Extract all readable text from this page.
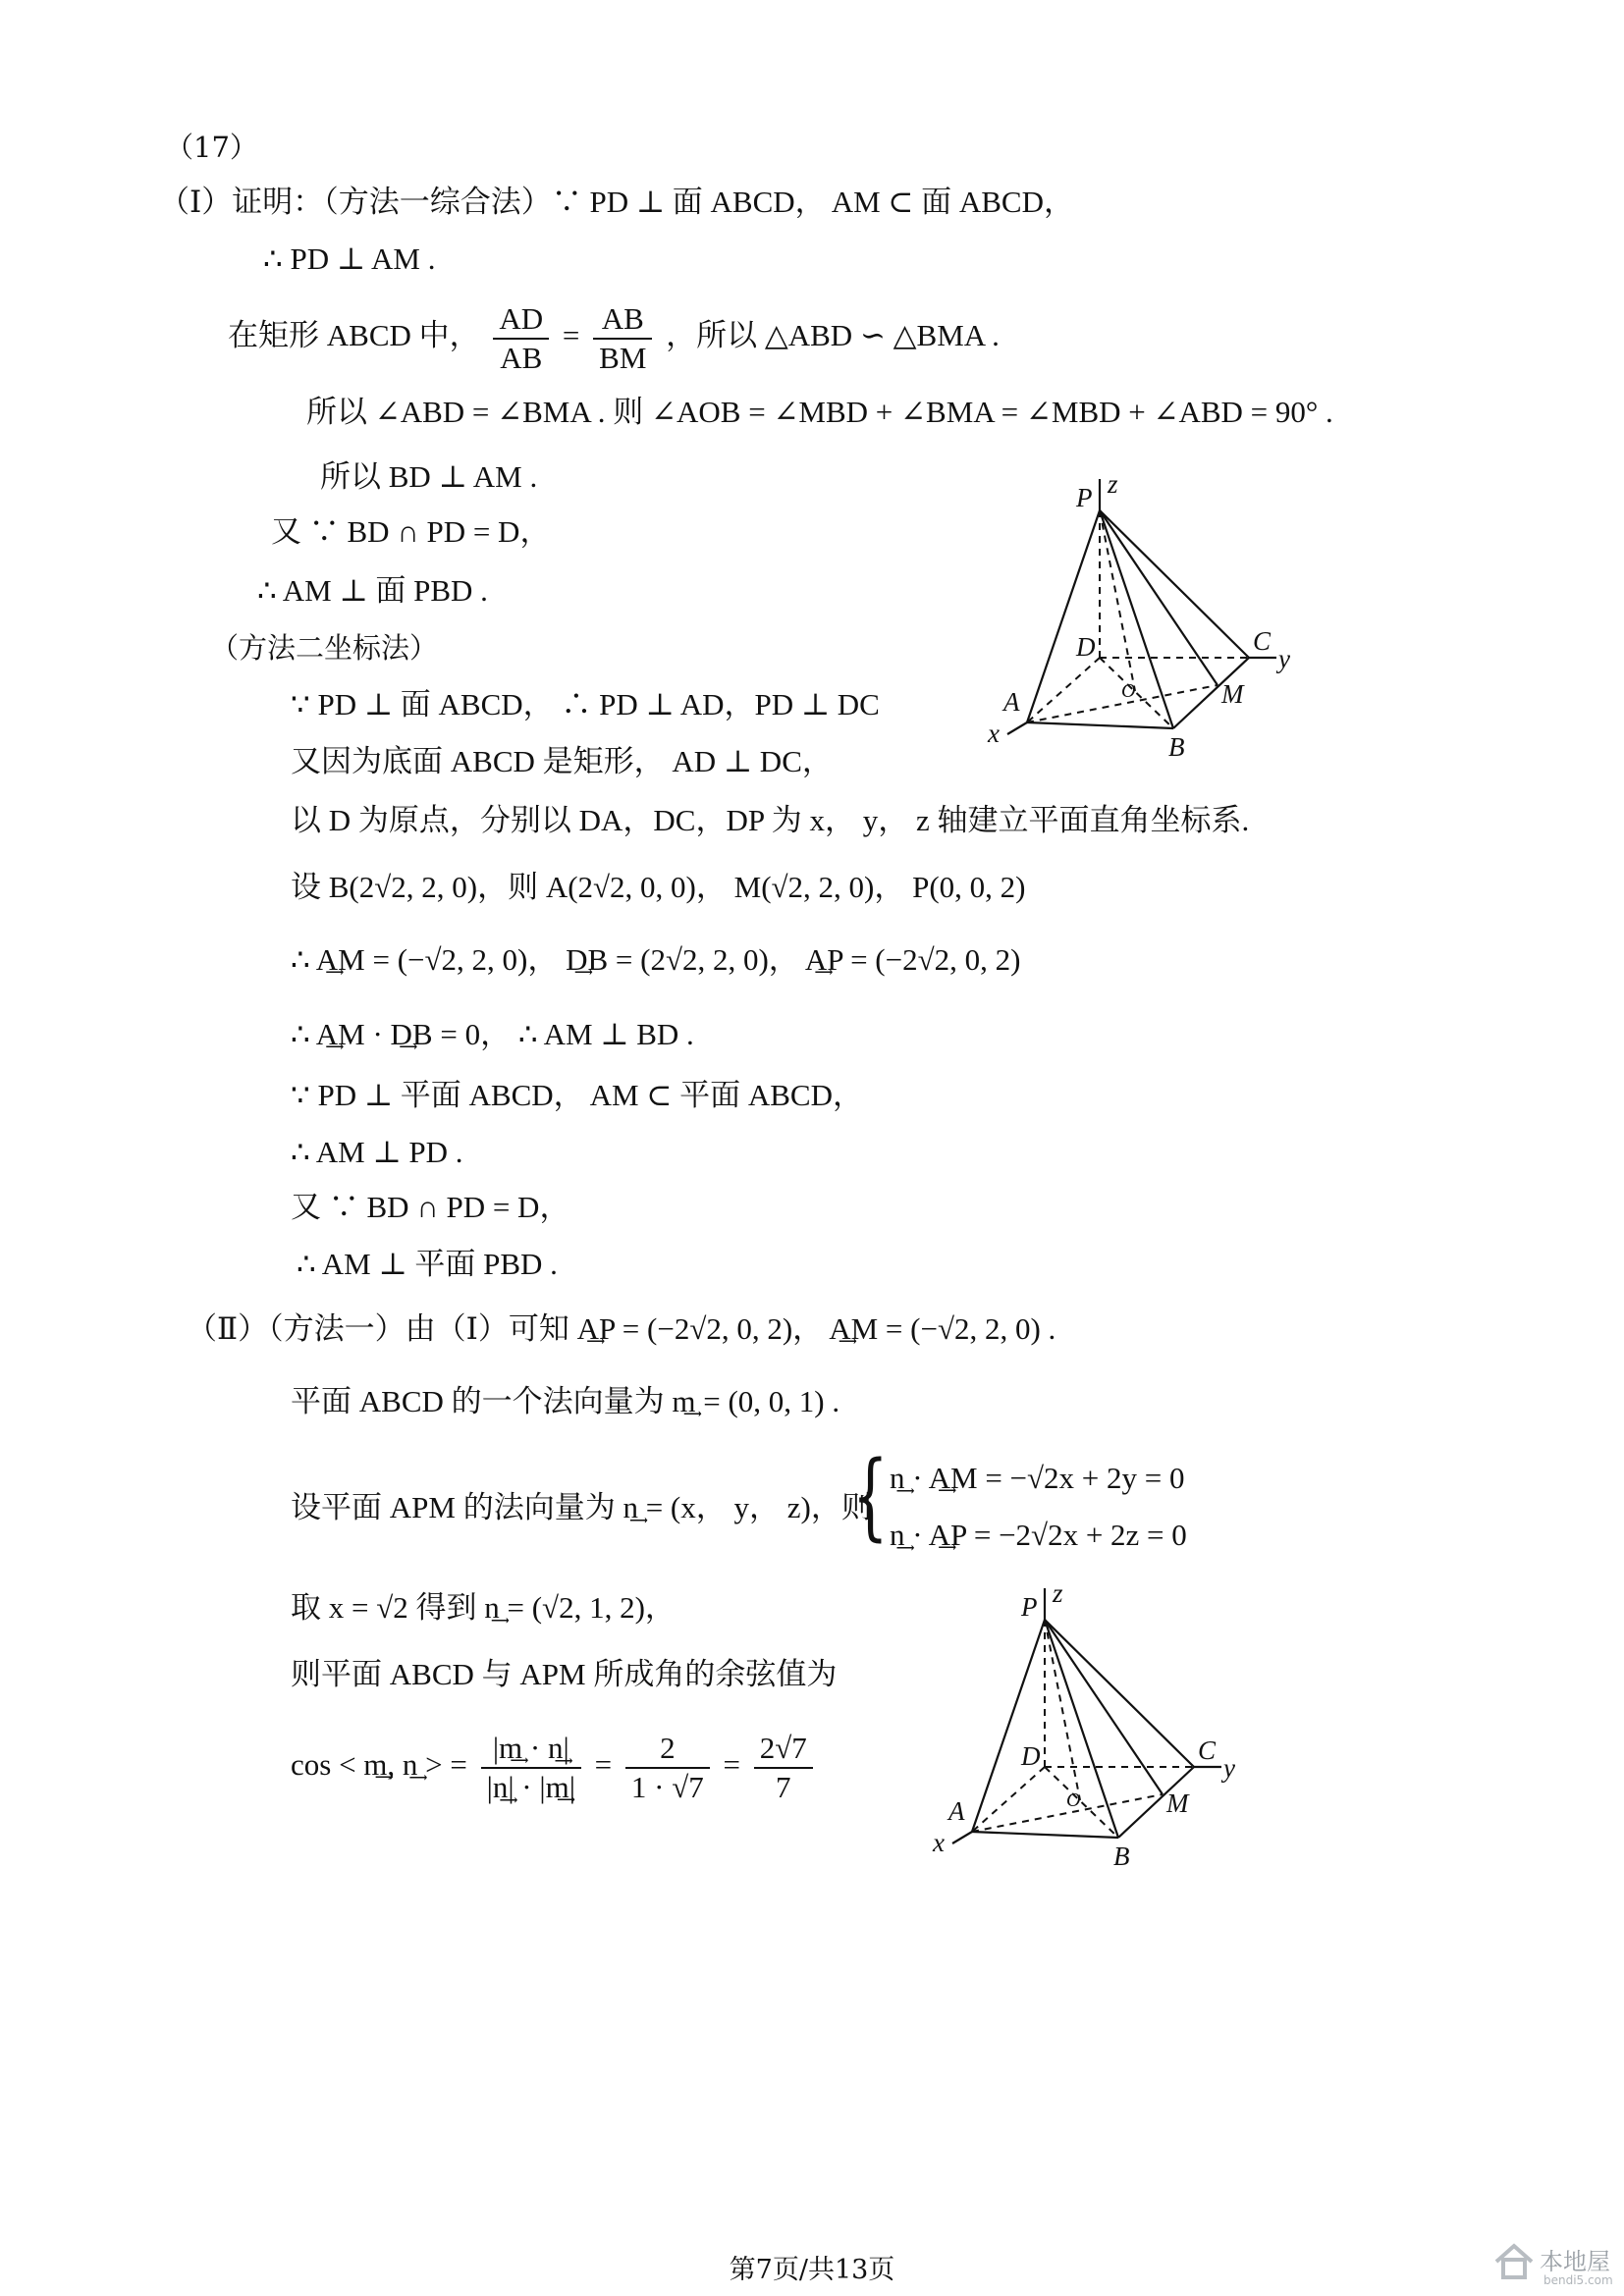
（17）
（Ⅰ）证明：（方法一综合法）∵ PD ⊥ 面 ABCD， AM ⊂ 面 ABCD，
∴ PD ⊥ AM .
在矩形 ABCD 中， $\frac{AD}{AB} = \frac{AB}{BM}$ ，所以 △ABD ∽ △BMA .
所以 ∠ABD = ∠BMA . 则 ∠AOB = ∠MBD + ∠BMA = ∠MBD + ∠ABD = 90° .
所以 BD ⊥ AM .
又 ∵ BD ∩ PD = D，
∴ AM ⊥ 面 PBD .
（方法二坐标法）
∵ PD ⊥ 面 ABCD， ∴ PD ⊥ AD，PD ⊥ DC
又因为底面 ABCD 是矩形， AD ⊥ DC，
以 D 为原点，分别以 DA，DC，DP 为 x， y， z 轴建立平面直角坐标系.
设 B(2√2, 2, 0)，则 A(2√2, 0, 0)， M(√2, 2, 0)， P(0, 0, 2)
∴ A͢M = (−√2, 2, 0)， D͢B = (2√2, 2, 0)， A͢P = (−2√2, 0, 2)
∴ A͢M · D͢B = 0， ∴ AM ⊥ BD .
∵ PD ⊥ 平面 ABCD， AM ⊂ 平面 ABCD，
∴ AM ⊥ PD .
又 ∵ BD ∩ PD = D，
∴ AM ⊥ 平面 PBD .
（Ⅱ）（方法一）由（Ⅰ）可知 A͢P = (−2√2, 0, 2)， A͢M = (−√2, 2, 0) .
平面 ABCD 的一个法向量为 m͢ = (0, 0, 1) .
设平面 APM 的法向量为 n͢ = (x， y， z)，则
{ n͢ · A͢M = −√2x + 2y = 0
n͢ · A͢P = −2√2x + 2z = 0
取 x = √2 得到 n͢ = (√2, 1, 2)，
则平面 ABCD 与 APM 所成角的余弦值为
cos < m͢, n͢ > = $\frac{|m͢ \cdot n͢|}{|n͢| \cdot |m͢|} = \frac{2}{1 \cdot √7} = \frac{2√7}{7}$
P z
D	C
y
A	O	M
x	B
P z
D	C
y
A	O	M
x	B
第7页/共13页	本地屋
bendi5.com
